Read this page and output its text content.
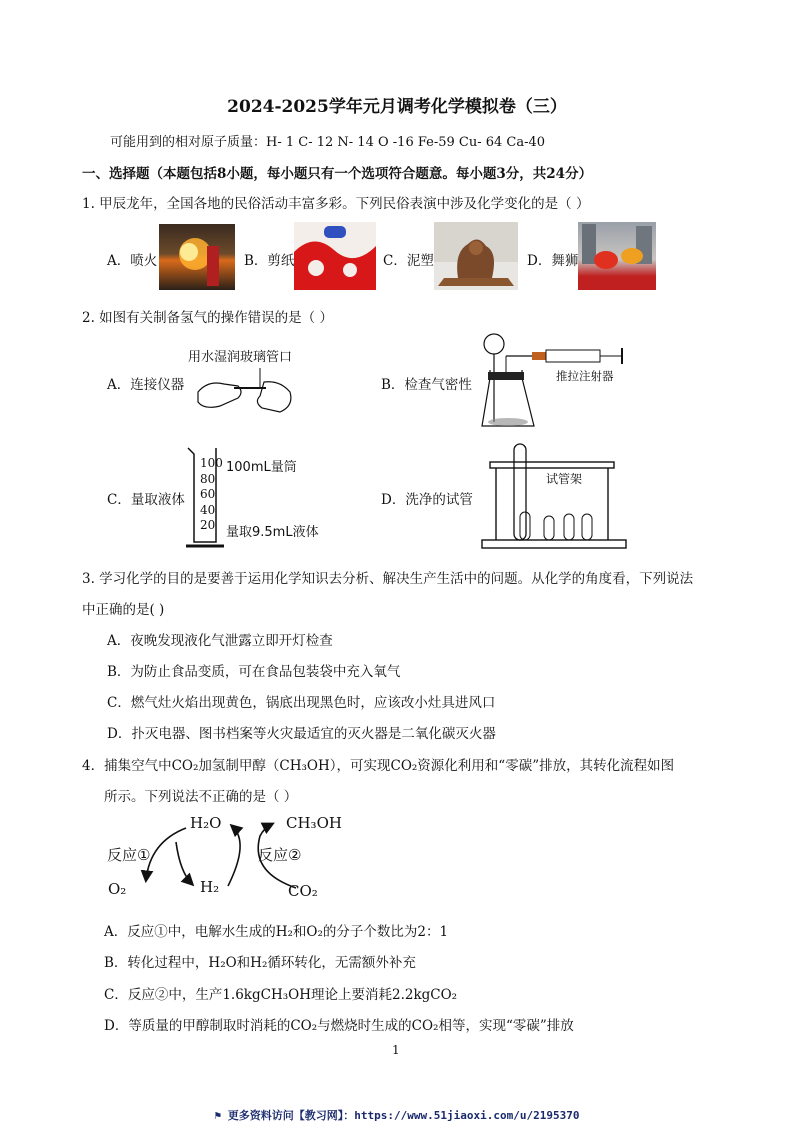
2024-2025学年元月调考化学模拟卷（三）
可能用到的相对原子质量：H- 1 C- 12 N- 14 O -16 Fe-59 Cu- 64 Ca-40
一、选择题（本题包括8小题，每小题只有一个选项符合题意。每小题3分，共24分）
1. 甲辰龙年，全国各地的民俗活动丰富多彩。下列民俗表演中涉及化学变化的是（ ）
A．喷火	B．剪纸	C．泥塑	D．舞狮
2. 如图有关制备氢气的操作错误的是（ ）
A．连接仪器
用水湿润玻璃管口
B．检查气密性
推拉注射器
C．量取液体
100
80
60
40
20
100mL量筒
量取9.5mL液体
D．洗净的试管
试管架
3. 学习化学的目的是要善于运用化学知识去分析、解决生产生活中的问题。从化学的角度看，下列说法
中正确的是( )
A．夜晚发现液化气泄露立即开灯检查
B．为防止食品变质，可在食品包装袋中充入氧气
C．燃气灶火焰出现黄色，锅底出现黑色时，应该改小灶具进风口
D．扑灭电器、图书档案等火灾最适宜的灭火器是二氧化碳灭火器
4．捕集空气中CO₂加氢制甲醇（CH₃OH），可实现CO₂资源化利用和“零碳”排放，其转化流程如图
所示。下列说法不正确的是（ ）
H₂O	CH₃OH
反应①	反应②
O₂	H₂	CO₂
A．反应①中，电解水生成的H₂和O₂的分子个数比为2：1
B．转化过程中，H₂O和H₂循环转化，无需额外补充
C．反应②中，生产1.6kgCH₃OH理论上要消耗2.2kgCO₂
D．等质量的甲醇制取时消耗的CO₂与燃烧时生成的CO₂相等，实现“零碳”排放
1
⚑ 更多资料访问【教习网】：https://www.51jiaoxi.com/u/2195370
